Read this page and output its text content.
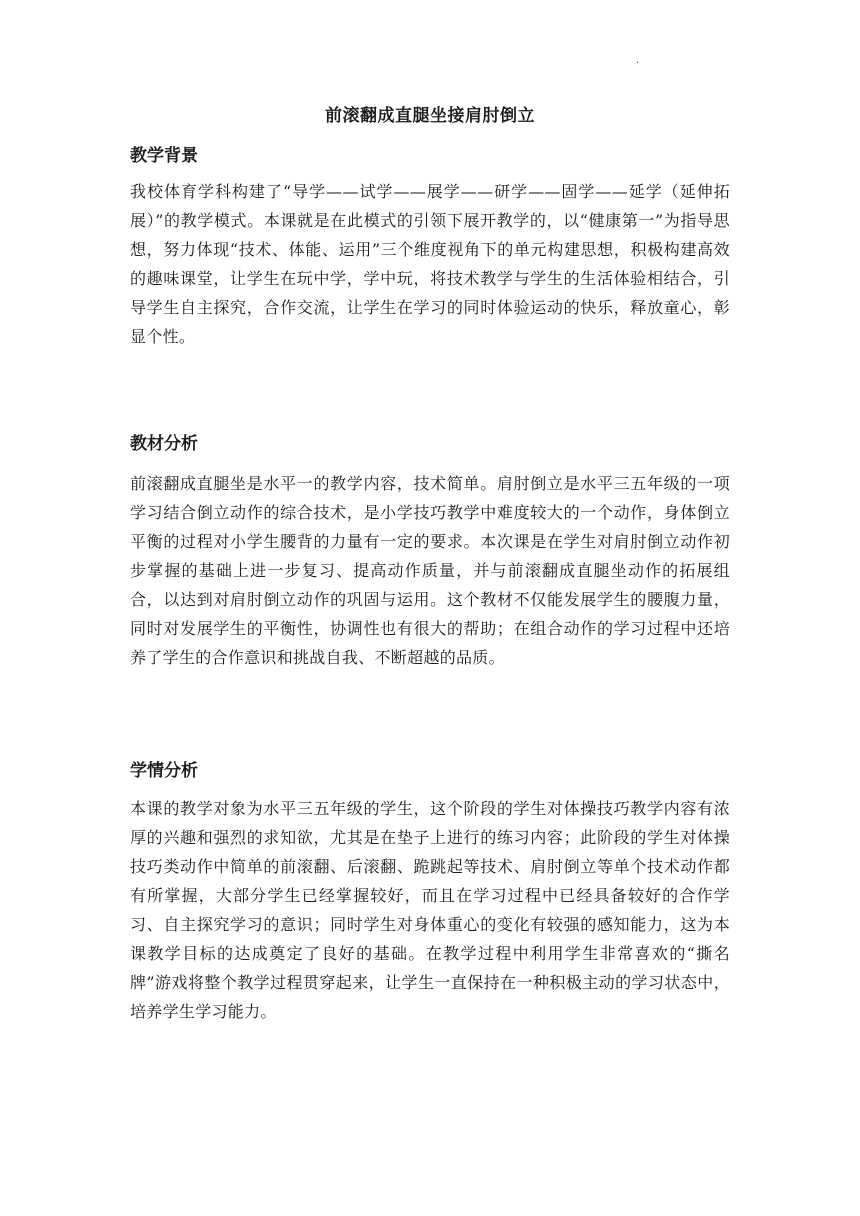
.
前滚翻成直腿坐接肩肘倒立
教学背景
我校体育学科构建了“导学——试学——展学——研学——固学——延学（延伸拓展）”的教学模式。本课就是在此模式的引领下展开教学的，以“健康第一”为指导思想，努力体现“技术、体能、运用”三个维度视角下的单元构建思想，积极构建高效的趣味课堂，让学生在玩中学，学中玩，将技术教学与学生的生活体验相结合，引导学生自主探究，合作交流，让学生在学习的同时体验运动的快乐，释放童心，彰显个性。
教材分析
前滚翻成直腿坐是水平一的教学内容，技术简单。肩肘倒立是水平三五年级的一项学习结合倒立动作的综合技术，是小学技巧教学中难度较大的一个动作，身体倒立平衡的过程对小学生腰背的力量有一定的要求。本次课是在学生对肩肘倒立动作初步掌握的基础上进一步复习、提高动作质量，并与前滚翻成直腿坐动作的拓展组合，以达到对肩肘倒立动作的巩固与运用。这个教材不仅能发展学生的腰腹力量，同时对发展学生的平衡性，协调性也有很大的帮助；在组合动作的学习过程中还培养了学生的合作意识和挑战自我、不断超越的品质。
学情分析
本课的教学对象为水平三五年级的学生，这个阶段的学生对体操技巧教学内容有浓厚的兴趣和强烈的求知欲，尤其是在垫子上进行的练习内容；此阶段的学生对体操技巧类动作中简单的前滚翻、后滚翻、跪跳起等技术、肩肘倒立等单个技术动作都有所掌握，大部分学生已经掌握较好，而且在学习过程中已经具备较好的合作学习、自主探究学习的意识；同时学生对身体重心的变化有较强的感知能力，这为本课教学目标的达成奠定了良好的基础。在教学过程中利用学生非常喜欢的“撕名牌”游戏将整个教学过程贯穿起来，让学生一直保持在一种积极主动的学习状态中，培养学生学习能力。
